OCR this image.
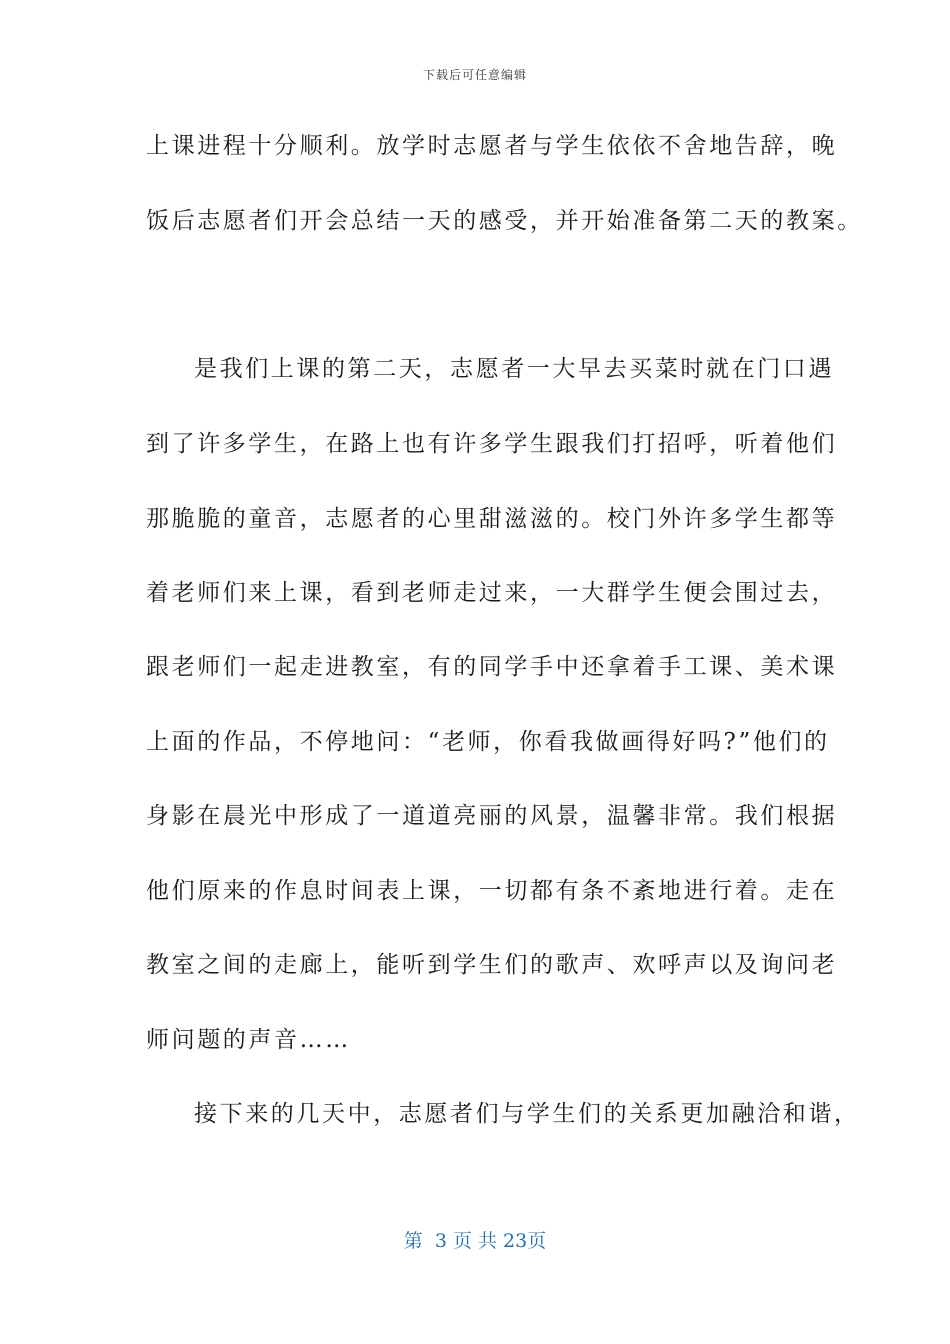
下载后可任意编辑
上课进程十分顺利。放学时志愿者与学生依依不舍地告辞，晚
饭后志愿者们开会总结一天的感受，并开始准备第二天的教案。
是我们上课的第二天，志愿者一大早去买菜时就在门口遇
到了许多学生，在路上也有许多学生跟我们打招呼，听着他们
那脆脆的童音，志愿者的心里甜滋滋的。校门外许多学生都等
着老师们来上课，看到老师走过来，一大群学生便会围过去，
跟老师们一起走进教室，有的同学手中还拿着手工课、美术课
上面的作品，不停地问：“老师，你看我做画得好吗?”他们的
身影在晨光中形成了一道道亮丽的风景，温馨非常。我们根据
他们原来的作息时间表上课，一切都有条不紊地进行着。走在
教室之间的走廊上，能听到学生们的歌声、欢呼声以及询问老
师问题的声音……
接下来的几天中，志愿者们与学生们的关系更加融洽和谐，
第  3 页 共 23页
